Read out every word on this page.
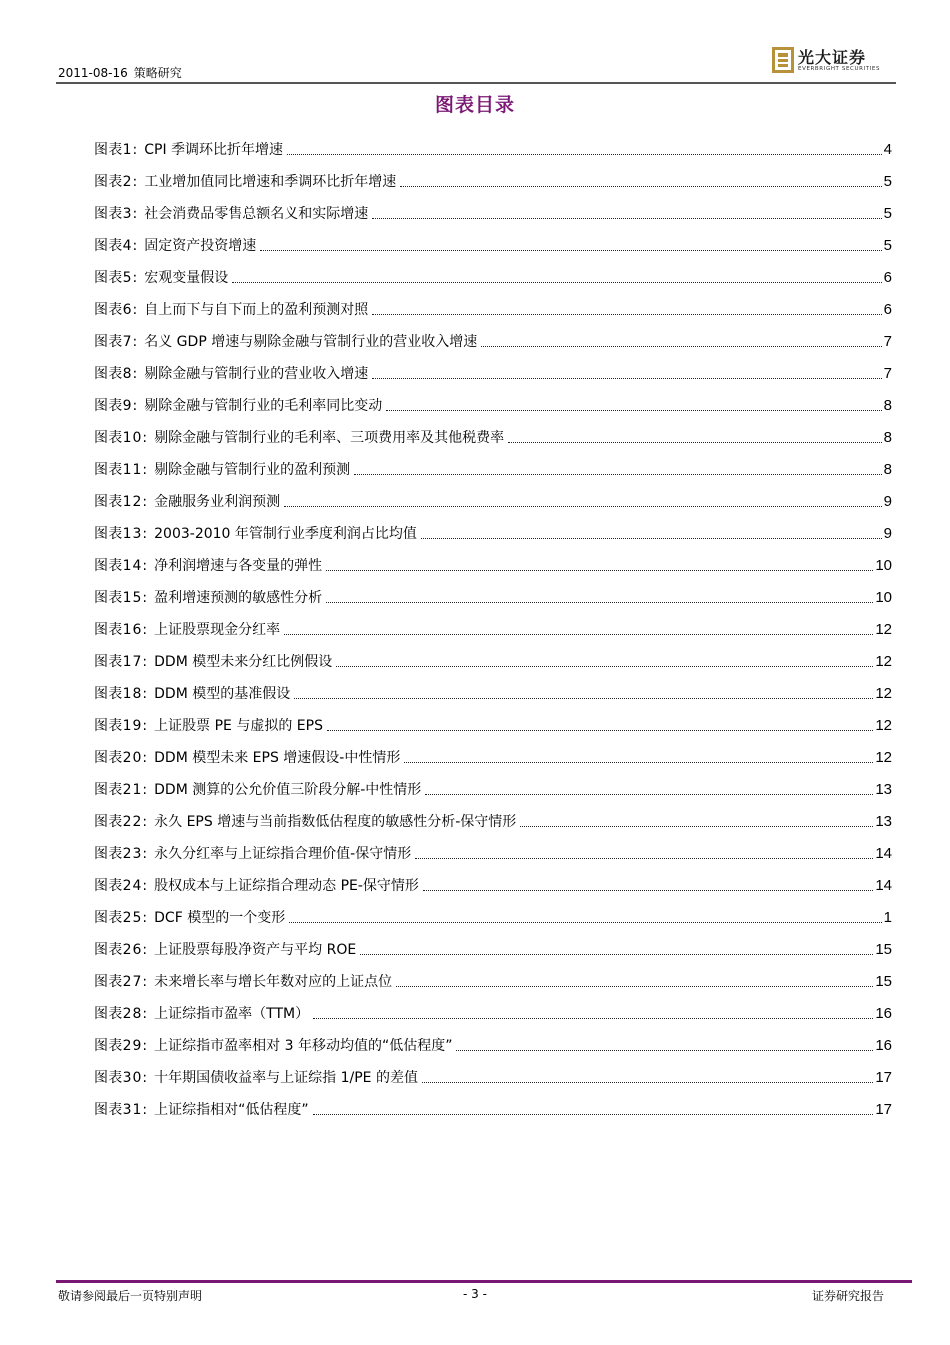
2011-08-16 策略研究
光大证券
EVERBRIGHT SECURITIES
图表目录
图表 1: CPI 季调环比折年增速	4
图表 2: 工业增加值同比增速和季调环比折年增速	5
图表 3: 社会消费品零售总额名义和实际增速	5
图表 4: 固定资产投资增速	5
图表 5: 宏观变量假设	6
图表 6: 自上而下与自下而上的盈利预测对照	6
图表 7: 名义 GDP 增速与剔除金融与管制行业的营业收入增速	7
图表 8: 剔除金融与管制行业的营业收入增速	7
图表 9: 剔除金融与管制行业的毛利率同比变动	8
图表 10: 剔除金融与管制行业的毛利率、三项费用率及其他税费率	8
图表 11: 剔除金融与管制行业的盈利预测	8
图表 12: 金融服务业利润预测	9
图表 13: 2003-2010 年管制行业季度利润占比均值	9
图表 14: 净利润增速与各变量的弹性	10
图表 15: 盈利增速预测的敏感性分析	10
图表 16: 上证股票现金分红率	12
图表 17: DDM 模型未来分红比例假设	12
图表 18: DDM 模型的基准假设	12
图表 19: 上证股票 PE 与虚拟的 EPS	12
图表 20: DDM 模型未来 EPS 增速假设-中性情形	12
图表 21: DDM 测算的公允价值三阶段分解-中性情形	13
图表 22: 永久 EPS 增速与当前指数低估程度的敏感性分析-保守情形	13
图表 23: 永久分红率与上证综指合理价值-保守情形	14
图表 24: 股权成本与上证综指合理动态 PE-保守情形	14
图表 25: DCF 模型的一个变形	1
图表 26: 上证股票每股净资产与平均 ROE	15
图表 27: 未来增长率与增长年数对应的上证点位	15
图表 28: 上证综指市盈率（TTM）	16
图表 29: 上证综指市盈率相对 3 年移动均值的“低估程度”	16
图表 30: 十年期国债收益率与上证综指 1/PE 的差值	17
图表 31: 上证综指相对“低估程度”	17
敬请参阅最后一页特别声明	- 3 -	证券研究报告
